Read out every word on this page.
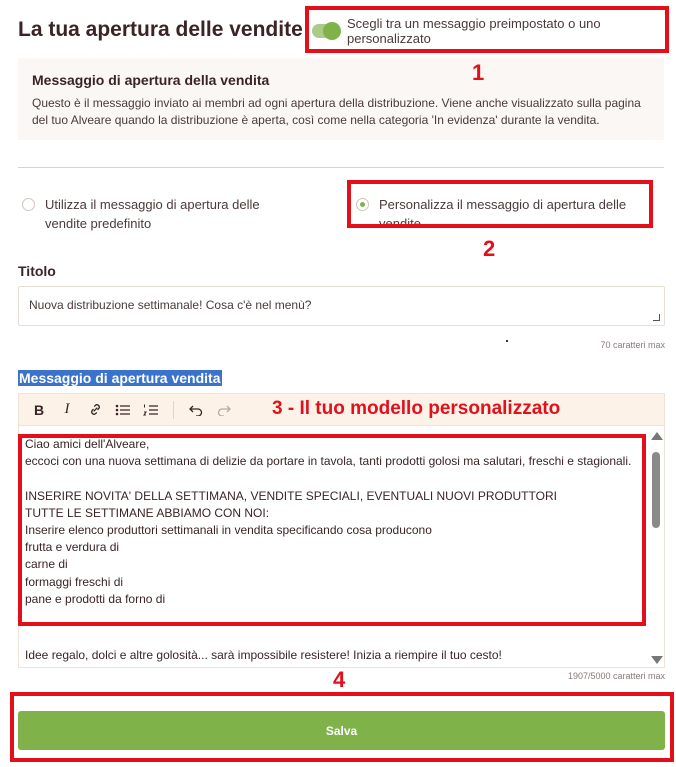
La tua apertura delle vendite	Scegli tra un messaggio preimpostato o uno personalizzato
Messaggio di apertura della vendita
Questo è il messaggio inviato ai membri ad ogni apertura della distribuzione. Viene anche visualizzato sulla pagina del tuo Alveare quando la distribuzione è aperta, così come nella categoria 'In evidenza' durante la vendita.
Utilizza il messaggio di apertura delle vendite predefinito
Personalizza il messaggio di apertura delle vendite
Titolo
Nuova distribuzione settimanale! Cosa c'è nel menù?
70 caratteri max
Messaggio di apertura vendita
B	I

Ciao amici dell'Alveare,

eccoci con una nuova settimana di delizie da portare in tavola, tanti prodotti golosi ma salutari, freschi e stagionali.

INSERIRE NOVITA' DELLA SETTIMANA, VENDITE SPECIALI, EVENTUALI NUOVI PRODUTTORI

TUTTE LE SETTIMANE ABBIAMO CON NOI:

Inserire elenco produttori settimanali in vendita specificando cosa producono

frutta e verdura di

carne di

formaggi freschi di

pane e prodotti da forno di

Idee regalo, dolci e altre golosità... sarà impossibile resistere! Inizia a riempire il tuo cesto!
1907/5000 caratteri max
Salva
1
2
3 - Il tuo modello personalizzato
4
